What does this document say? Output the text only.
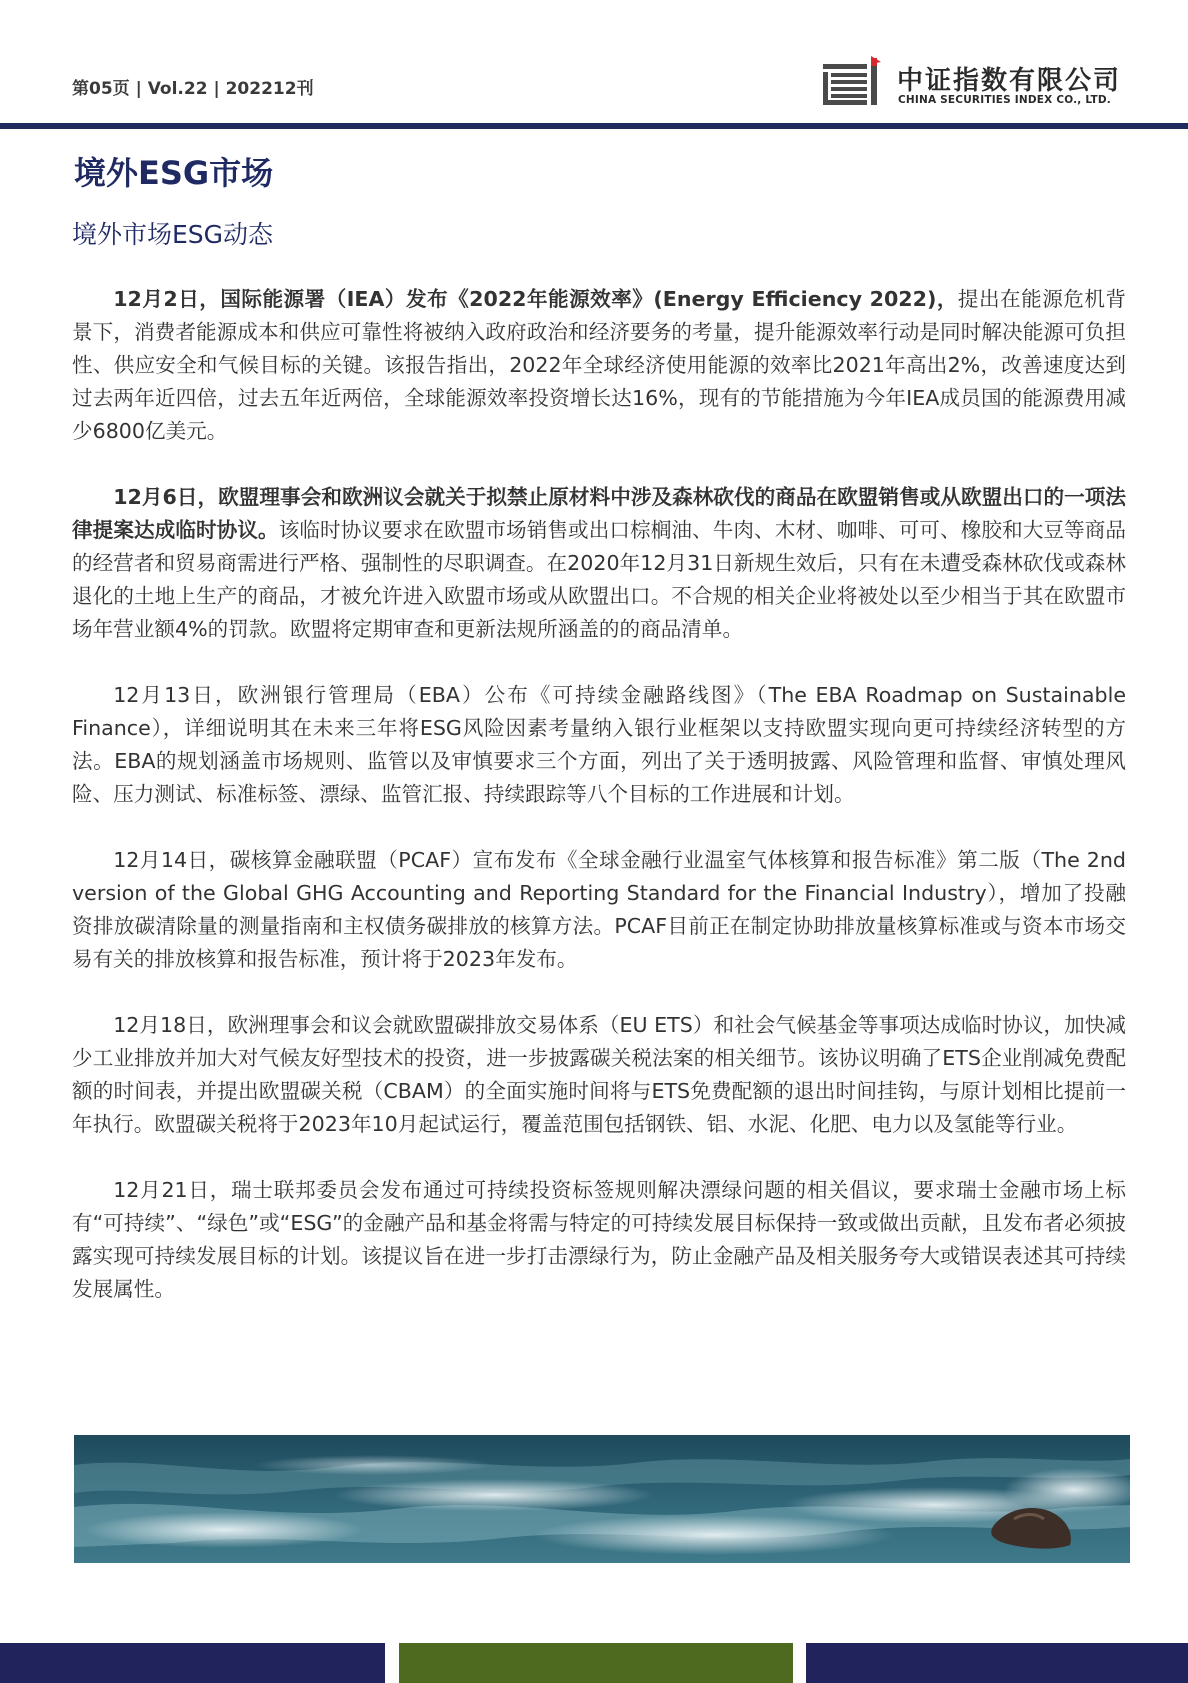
第05页 | Vol.22 | 202212刊	中证指数有限公司
CHINA SECURITIES INDEX CO., LTD.
境外ESG市场
境外市场ESG动态

12月2日，国际能源署（IEA）发布《2022年能源效率》(Energy Efficiency 2022)，提出在能源危机背景下，消费者能源成本和供应可靠性将被纳入政府政治和经济要务的考量，提升能源效率行动是同时解决能源可负担性、供应安全和气候目标的关键。该报告指出，2022年全球经济使用能源的效率比2021年高出2%，改善速度达到过去两年近四倍，过去五年近两倍，全球能源效率投资增长达16%，现有的节能措施为今年IEA成员国的能源费用减少6800亿美元。

12月6日，欧盟理事会和欧洲议会就关于拟禁止原材料中涉及森林砍伐的商品在欧盟销售或从欧盟出口的一项法律提案达成临时协议。该临时协议要求在欧盟市场销售或出口棕榈油、牛肉、木材、咖啡、可可、橡胶和大豆等商品的经营者和贸易商需进行严格、强制性的尽职调查。在2020年12月31日新规生效后，只有在未遭受森林砍伐或森林退化的土地上生产的商品，才被允许进入欧盟市场或从欧盟出口。不合规的相关企业将被处以至少相当于其在欧盟市场年营业额4%的罚款。欧盟将定期审查和更新法规所涵盖的的商品清单。

12月13日，欧洲银行管理局（EBA）公布《可持续金融路线图》（The EBA Roadmap on Sustainable Finance），详细说明其在未来三年将ESG风险因素考量纳入银行业框架以支持欧盟实现向更可持续经济转型的方法。EBA的规划涵盖市场规则、监管以及审慎要求三个方面，列出了关于透明披露、风险管理和监督、审慎处理风险、压力测试、标准标签、漂绿、监管汇报、持续跟踪等八个目标的工作进展和计划。

12月14日，碳核算金融联盟（PCAF）宣布发布《全球金融行业温室气体核算和报告标准》第二版（The 2nd version of the Global GHG Accounting and Reporting Standard for the Financial Industry），增加了投融资排放碳清除量的测量指南和主权债务碳排放的核算方法。PCAF目前正在制定协助排放量核算标准或与资本市场交易有关的排放核算和报告标准，预计将于2023年发布。

12月18日，欧洲理事会和议会就欧盟碳排放交易体系（EU ETS）和社会气候基金等事项达成临时协议，加快减少工业排放并加大对气候友好型技术的投资，进一步披露碳关税法案的相关细节。该协议明确了ETS企业削减免费配额的时间表，并提出欧盟碳关税（CBAM）的全面实施时间将与ETS免费配额的退出时间挂钩，与原计划相比提前一年执行。欧盟碳关税将于2023年10月起试运行，覆盖范围包括钢铁、铝、水泥、化肥、电力以及氢能等行业。

12月21日，瑞士联邦委员会发布通过可持续投资标签规则解决漂绿问题的相关倡议，要求瑞士金融市场上标有“可持续”、“绿色”或“ESG”的金融产品和基金将需与特定的可持续发展目标保持一致或做出贡献，且发布者必须披露实现可持续发展目标的计划。该提议旨在进一步打击漂绿行为，防止金融产品及相关服务夸大或错误表述其可持续发展属性。
